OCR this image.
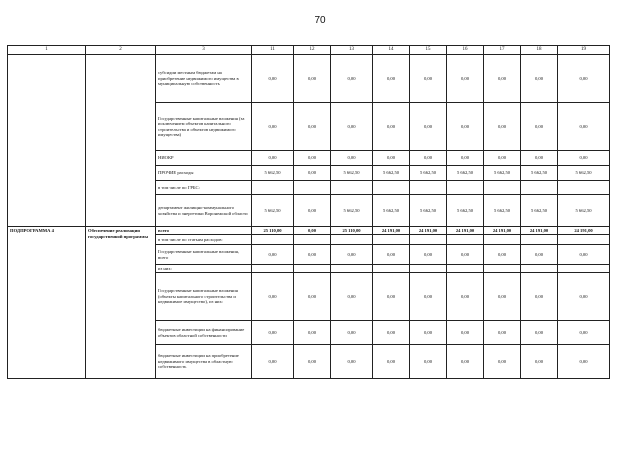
70
1	2	3	11	12	13	14	15	16	17	18	19
		субсидии местным бюджетам на приобретение недвижимого имущества в муниципальную собственность	0,00	0,00	0,00	0,00	0,00	0,00	0,00	0,00	0,00
		Государственные капитальные вложения (за исключением объектов капитального строительства и объектов недвижимого имущества)	0,00	0,00	0,00	0,00	0,00	0,00	0,00	0,00	0,00
		НИОКР	0,00	0,00	0,00	0,00	0,00	0,00	0,00	0,00	0,00
		ПРОЧИЕ расходы	5 662,50	0,00	5 662,50	5 662,50	5 662,50	5 662,50	5 662,50	5 662,50	5 662,50
		в том числе по ГРБС:									
		департамент жилищно-коммунального хозяйства и энергетики Воронежской области	5 662,50	0,00	5 662,50	5 662,50	5 662,50	5 662,50	5 662,50	5 662,50	5 662,50
ПОДПРОГРАММА 4	Обеспечение реализации государственной программы	всего	25 110,00	0,00	25 110,00	24 191,00	24 191,00	24 191,00	24 191,00	24 191,00	24 191,00
		в том числе по статьям расходов:									
		Государственные капитальные вложения, всего	0,00	0,00	0,00	0,00	0,00	0,00	0,00	0,00	0,00
		из них:									
		Государственные капитальные вложения (объекты капитального строительства и недвижимое имущество), из них:	0,00	0,00	0,00	0,00	0,00	0,00	0,00	0,00	0,00
		бюджетные инвестиции на финансирование объектов областной собственности	0,00	0,00	0,00	0,00	0,00	0,00	0,00	0,00	0,00
		бюджетные инвестиции на приобретение недвижимого имущества в областную собственность	0,00	0,00	0,00	0,00	0,00	0,00	0,00	0,00	0,00
